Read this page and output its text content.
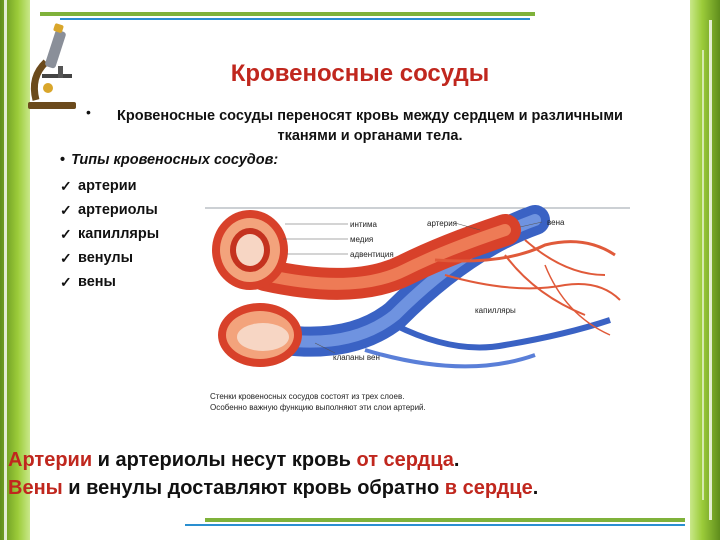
Кровеносные сосуды
•	Кровеносные сосуды переносят кровь между сердцем и различными тканями и органами тела.
• Типы кровеносных сосудов:
✓ артерии
✓ артериолы
✓ капилляры
✓ венулы
✓ вены
интима
медия
адвентиция
артерия	вена
капилляры
клапаны вен
Стенки кровеносных сосудов состоят из трех слоев.
Особенно важную функцию выполняют эти слои артерий.
Артерии и артериолы несут кровь от сердца.
Вены и венулы доставляют кровь обратно в сердце.
